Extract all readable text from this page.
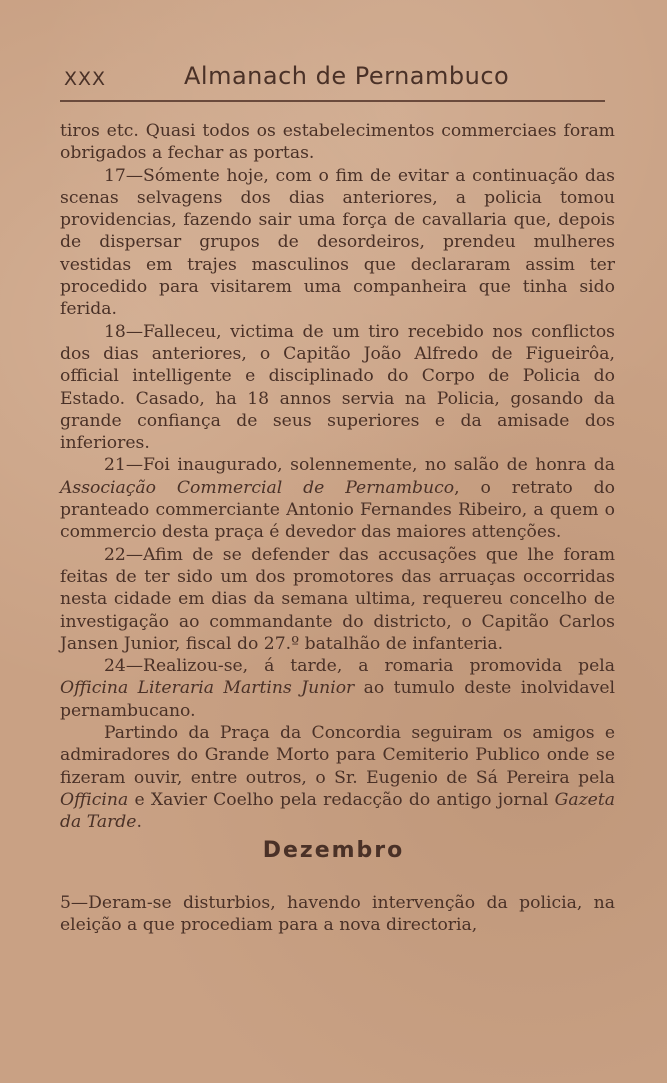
XXX	Almanach de Pernambuco

tiros etc. Quasi todos os estabelecimentos commerciaes foram obrigados a fechar as portas.

17—Sómente hoje, com o fim de evitar a continuação das scenas selvagens dos dias anteriores, a policia tomou providencias, fazendo sair uma força de cavallaria que, depois de dispersar grupos de desordeiros, prendeu mulheres vestidas em trajes masculinos que declararam assim ter procedido para visitarem uma companheira que tinha sido ferida.

18—Falleceu, victima de um tiro recebido nos conflictos dos dias anteriores, o Capitão João Alfredo de Figueirôa, official intelligente e disciplinado do Corpo de Policia do Estado. Casado, ha 18 annos servia na Policia, gosando da grande confiança de seus superiores e da amisade dos inferiores.

21—Foi inaugurado, solennemente, no salão de honra da Associação Commercial de Pernambuco, o retrato do pranteado commerciante Antonio Fernandes Ribeiro, a quem o commercio desta praça é devedor das maiores attenções.

22—Afim de se defender das accusações que lhe foram feitas de ter sido um dos promotores das arruaças occorridas nesta cidade em dias da semana ultima, requereu concelho de investigação ao commandante do districto, o Capitão Carlos Jansen Junior, fiscal do 27.º batalhão de infanteria.

24—Realizou-se, á tarde, a romaria promovida pela Officina Literaria Martins Junior ao tumulo deste inolvidavel pernambucano.

Partindo da Praça da Concordia seguiram os amigos e admiradores do Grande Morto para Cemiterio Publico onde se fizeram ouvir, entre outros, o Sr. Eugenio de Sá Pereira pela Officina e Xavier Coelho pela redacção do antigo jornal Gazeta da Tarde.

Dezembro

5—Deram-se disturbios, havendo intervenção da policia, na eleição a que procediam para a nova directoria,
